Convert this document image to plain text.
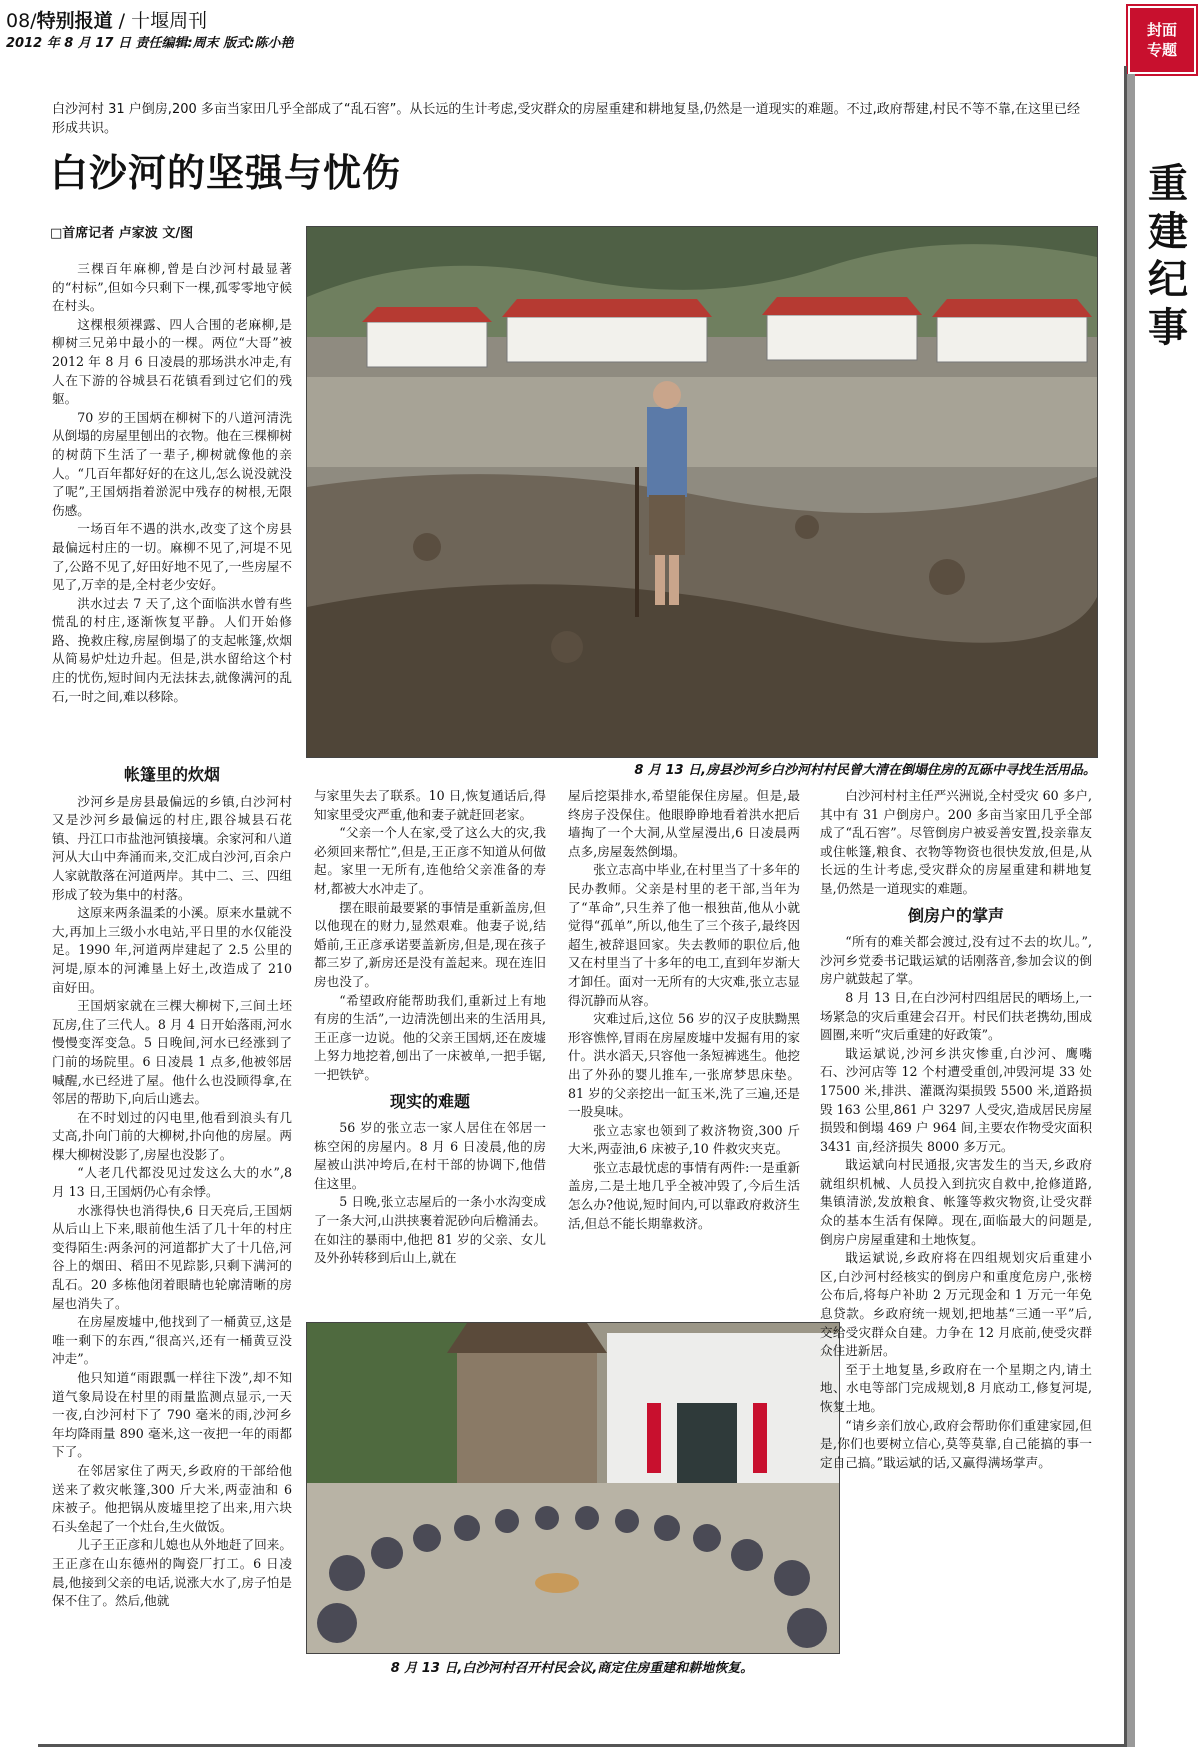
08/特别报道 / 十堰周刊
2012 年 8 月 17 日 责任编辑:周末 版式:陈小艳
封面
专题
重
建
纪
事
白沙河村 31 户倒房,200 多亩当家田几乎全部成了“乱石窖”。从长远的生计考虑,受灾群众的房屋重建和耕地复垦,仍然是一道现实的难题。不过,政府帮建,村民不等不靠,在这里已经形成共识。
白沙河的坚强与忧伤
□首席记者 卢家波 文/图
8 月 13 日,房县沙河乡白沙河村村民曾大清在倒塌住房的瓦砾中寻找生活用品。
8 月 13 日,白沙河村召开村民会议,商定住房重建和耕地恢复。

三棵百年麻柳,曾是白沙河村最显著的“村标”,但如今只剩下一棵,孤零零地守候在村头。

这棵根须裸露、四人合围的老麻柳,是柳树三兄弟中最小的一棵。两位“大哥”被 2012 年 8 月 6 日凌晨的那场洪水冲走,有人在下游的谷城县石花镇看到过它们的残躯。

70 岁的王国炳在柳树下的八道河清洗从倒塌的房屋里刨出的衣物。他在三棵柳树的树荫下生活了一辈子,柳树就像他的亲人。“几百年都好好的在这儿,怎么说没就没了呢”,王国炳指着淤泥中残存的树根,无限伤感。

一场百年不遇的洪水,改变了这个房县最偏远村庄的一切。麻柳不见了,河堤不见了,公路不见了,好田好地不见了,一些房屋不见了,万幸的是,全村老少安好。

洪水过去 7 天了,这个面临洪水曾有些慌乱的村庄,逐渐恢复平静。人们开始修路、挽救庄稼,房屋倒塌了的支起帐篷,炊烟从简易炉灶边升起。但是,洪水留给这个村庄的忧伤,短时间内无法抹去,就像满河的乱石,一时之间,难以移除。

帐篷里的炊烟

沙河乡是房县最偏远的乡镇,白沙河村又是沙河乡最偏远的村庄,跟谷城县石花镇、丹江口市盐池河镇接壤。余家河和八道河从大山中奔涌而来,交汇成白沙河,百余户人家就散落在河道两岸。其中二、三、四组形成了较为集中的村落。

这原来两条温柔的小溪。原来水量就不大,再加上三级小水电站,平日里的水仅能没足。1990 年,河道两岸建起了 2.5 公里的河堤,原本的河滩垦上好土,改造成了 210 亩好田。

王国炳家就在三棵大柳树下,三间土坯瓦房,住了三代人。8 月 4 日开始落雨,河水慢慢变浑变急。5 日晚间,河水已经涨到了门前的场院里。6 日凌晨 1 点多,他被邻居喊醒,水已经进了屋。他什么也没顾得拿,在邻居的帮助下,向后山逃去。

在不时划过的闪电里,他看到浪头有几丈高,扑向门前的大柳树,扑向他的房屋。两棵大柳树没影了,房屋也没影了。

“人老几代都没见过发这么大的水”,8 月 13 日,王国炳仍心有余悸。

水涨得快也消得快,6 日天亮后,王国炳从后山上下来,眼前他生活了几十年的村庄变得陌生:两条河的河道都扩大了十几倍,河谷上的烟田、稻田不见踪影,只剩下满河的乱石。20 多栋他闭着眼睛也轮廓清晰的房屋也消失了。

在房屋废墟中,他找到了一桶黄豆,这是唯一剩下的东西,“很高兴,还有一桶黄豆没冲走”。

他只知道“雨跟瓢一样往下泼”,却不知道气象局设在村里的雨量监测点显示,一天一夜,白沙河村下了 790 毫米的雨,沙河乡年均降雨量 890 毫米,这一夜把一年的雨都下了。

在邻居家住了两天,乡政府的干部给他送来了救灾帐篷,300 斤大米,两壶油和 6 床被子。他把锅从废墟里挖了出来,用六块石头垒起了一个灶台,生火做饭。

儿子王正彦和儿媳也从外地赶了回来。王正彦在山东德州的陶瓷厂打工。6 日凌晨,他接到父亲的电话,说涨大水了,房子怕是保不住了。然后,他就

与家里失去了联系。10 日,恢复通话后,得知家里受灾严重,他和妻子就赶回老家。

“父亲一个人在家,受了这么大的灾,我必须回来帮忙”,但是,王正彦不知道从何做起。家里一无所有,连他给父亲准备的寿材,都被大水冲走了。

摆在眼前最要紧的事情是重新盖房,但以他现在的财力,显然艰难。他妻子说,结婚前,王正彦承诺要盖新房,但是,现在孩子都三岁了,新房还是没有盖起来。现在连旧房也没了。

“希望政府能帮助我们,重新过上有地有房的生活”,一边清洗刨出来的生活用具,王正彦一边说。他的父亲王国炳,还在废墟上努力地挖着,刨出了一床被单,一把手锯,一把铁铲。

现实的难题

56 岁的张立志一家人居住在邻居一栋空闲的房屋内。8 月 6 日凌晨,他的房屋被山洪冲垮后,在村干部的协调下,他借住这里。

5 日晚,张立志屋后的一条小水沟变成了一条大河,山洪挟裹着泥砂向后檐涌去。在如注的暴雨中,他把 81 岁的父亲、女儿及外孙转移到后山上,就在

屋后挖渠排水,希望能保住房屋。但是,最终房子没保住。他眼睁睁地看着洪水把后墙掏了一个大洞,从堂屋漫出,6 日凌晨两点多,房屋轰然倒塌。

张立志高中毕业,在村里当了十多年的民办教师。父亲是村里的老干部,当年为了“革命”,只生养了他一根独苗,他从小就觉得“孤单”,所以,他生了三个孩子,最终因超生,被辞退回家。失去教师的职位后,他又在村里当了十多年的电工,直到年岁渐大才卸任。面对一无所有的大灾难,张立志显得沉静而从容。

灾难过后,这位 56 岁的汉子皮肤黝黑形容憔悴,冒雨在房屋废墟中发掘有用的家什。洪水滔天,只容他一条短裤逃生。他挖出了外孙的婴儿推车,一张席梦思床垫。81 岁的父亲挖出一缸玉米,洗了三遍,还是一股臭味。

张立志家也领到了救济物资,300 斤大米,两壶油,6 床被子,10 件救灾夹克。

张立志最忧虑的事情有两件:一是重新盖房,二是土地几乎全被冲毁了,今后生活怎么办?他说,短时间内,可以靠政府救济生活,但总不能长期靠救济。

白沙河村村主任严兴洲说,全村受灾 60 多户,其中有 31 户倒房户。200 多亩当家田几乎全部成了“乱石窖”。尽管倒房户被妥善安置,投亲靠友或住帐篷,粮食、衣物等物资也很快发放,但是,从长远的生计考虑,受灾群众的房屋重建和耕地复垦,仍然是一道现实的难题。

倒房户的掌声

“所有的难关都会渡过,没有过不去的坎儿。”,沙河乡党委书记戢运斌的话刚落音,参加会议的倒房户就鼓起了掌。

8 月 13 日,在白沙河村四组居民的晒场上,一场紧急的灾后重建会召开。村民们扶老携幼,围成圆圈,来听“灾后重建的好政策”。

戢运斌说,沙河乡洪灾惨重,白沙河、鹰嘴石、沙河店等 12 个村遭受重创,冲毁河堤 33 处 17500 米,排洪、灌溉沟渠损毁 5500 米,道路损毁 163 公里,861 户 3297 人受灾,造成居民房屋损毁和倒塌 469 户 964 间,主要农作物受灾面积 3431 亩,经济损失 8000 多万元。

戢运斌向村民通报,灾害发生的当天,乡政府就组织机械、人员投入到抗灾自救中,抢修道路,集镇清淤,发放粮食、帐篷等救灾物资,让受灾群众的基本生活有保障。现在,面临最大的问题是,倒房户房屋重建和土地恢复。

戢运斌说,乡政府将在四组规划灾后重建小区,白沙河村经核实的倒房户和重度危房户,张榜公布后,将每户补助 2 万元现金和 1 万元一年免息贷款。乡政府统一规划,把地基“三通一平”后,交给受灾群众自建。力争在 12 月底前,使受灾群众住进新居。

至于土地复垦,乡政府在一个星期之内,请土地、水电等部门完成规划,8 月底动工,修复河堤,恢复土地。

“请乡亲们放心,政府会帮助你们重建家园,但是,你们也要树立信心,莫等莫靠,自己能搞的事一定自己搞。”戢运斌的话,又赢得满场掌声。
